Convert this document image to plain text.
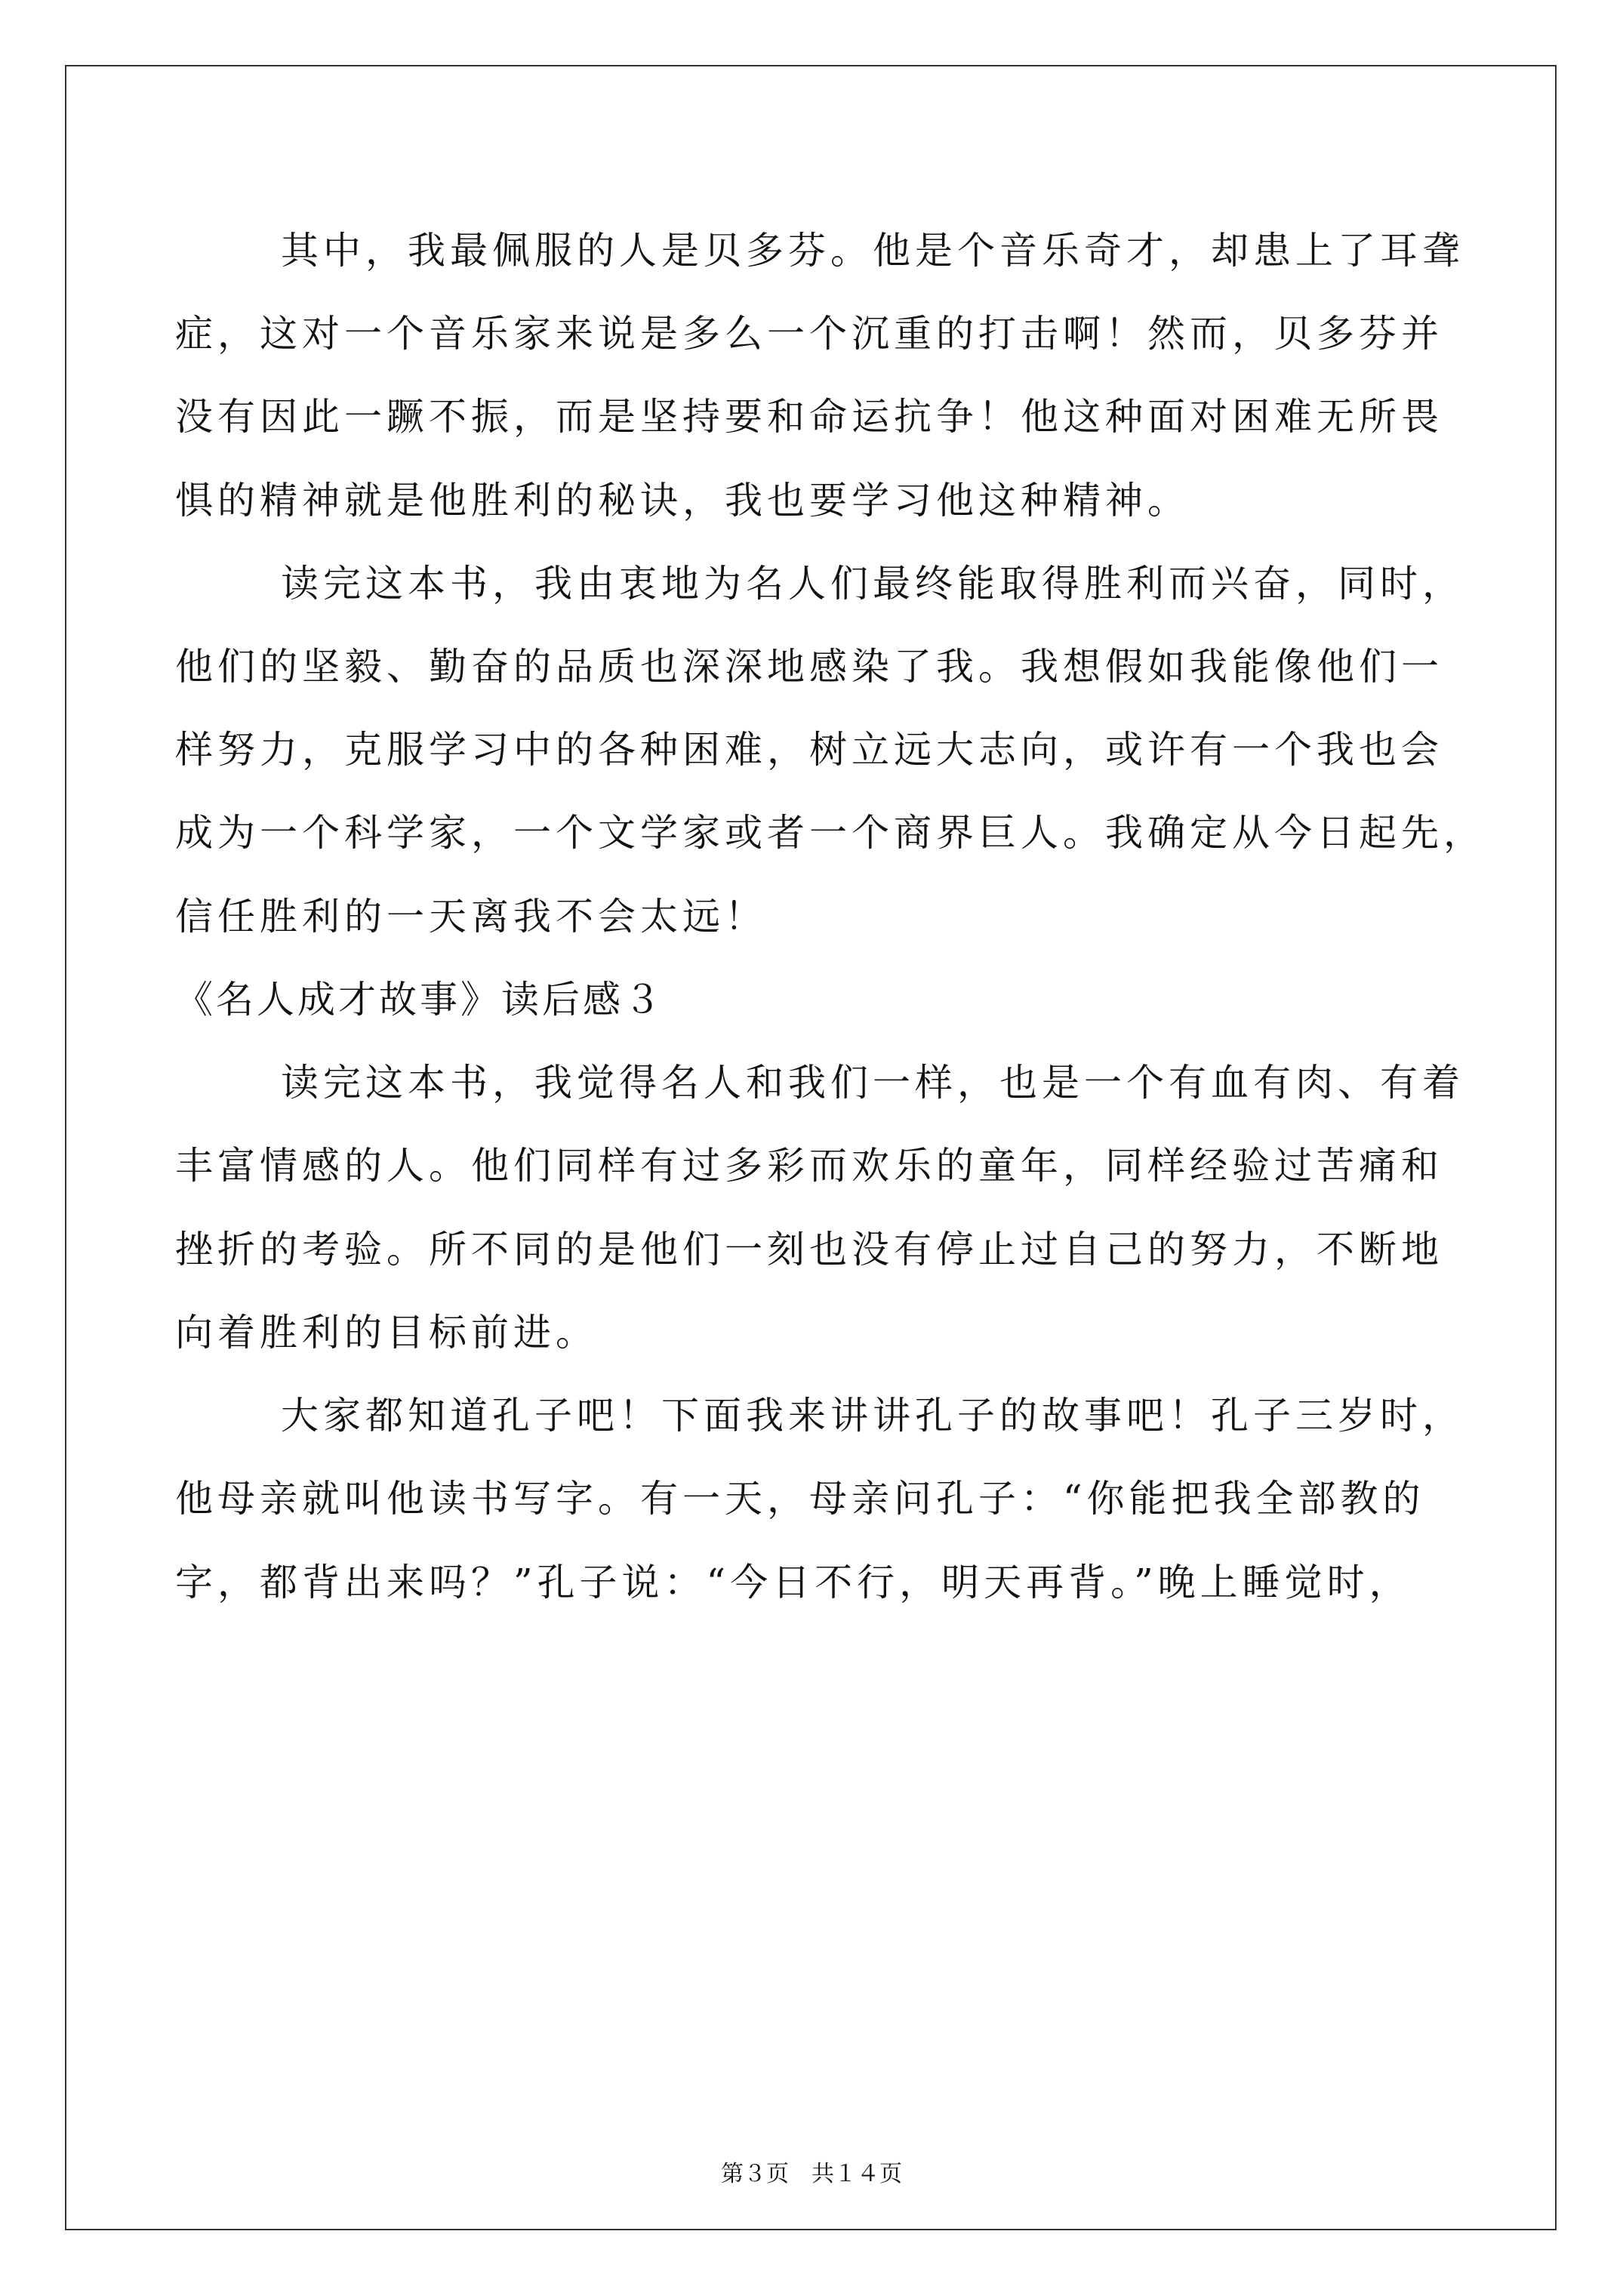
其中，我最佩服的人是贝多芬。他是个音乐奇才，却患上了耳聋
症，这对一个音乐家来说是多么一个沉重的打击啊！然而，贝多芬并
没有因此一蹶不振，而是坚持要和命运抗争！他这种面对困难无所畏
惧的精神就是他胜利的秘诀，我也要学习他这种精神。
读完这本书，我由衷地为名人们最终能取得胜利而兴奋，同时，
他们的坚毅、勤奋的品质也深深地感染了我。我想假如我能像他们一
样努力，克服学习中的各种困难，树立远大志向，或许有一个我也会
成为一个科学家，一个文学家或者一个商界巨人。我确定从今日起先，
信任胜利的一天离我不会太远！
《名人成才故事》读后感３
读完这本书，我觉得名人和我们一样，也是一个有血有肉、有着
丰富情感的人。他们同样有过多彩而欢乐的童年，同样经验过苦痛和
挫折的考验。所不同的是他们一刻也没有停止过自己的努力，不断地
向着胜利的目标前进。
大家都知道孔子吧！下面我来讲讲孔子的故事吧！孔子三岁时，
他母亲就叫他读书写字。有一天，母亲问孔子：“你能把我全部教的
字，都背出来吗？”孔子说：“今日不行，明天再背。”晚上睡觉时，
第３页　共１４页
